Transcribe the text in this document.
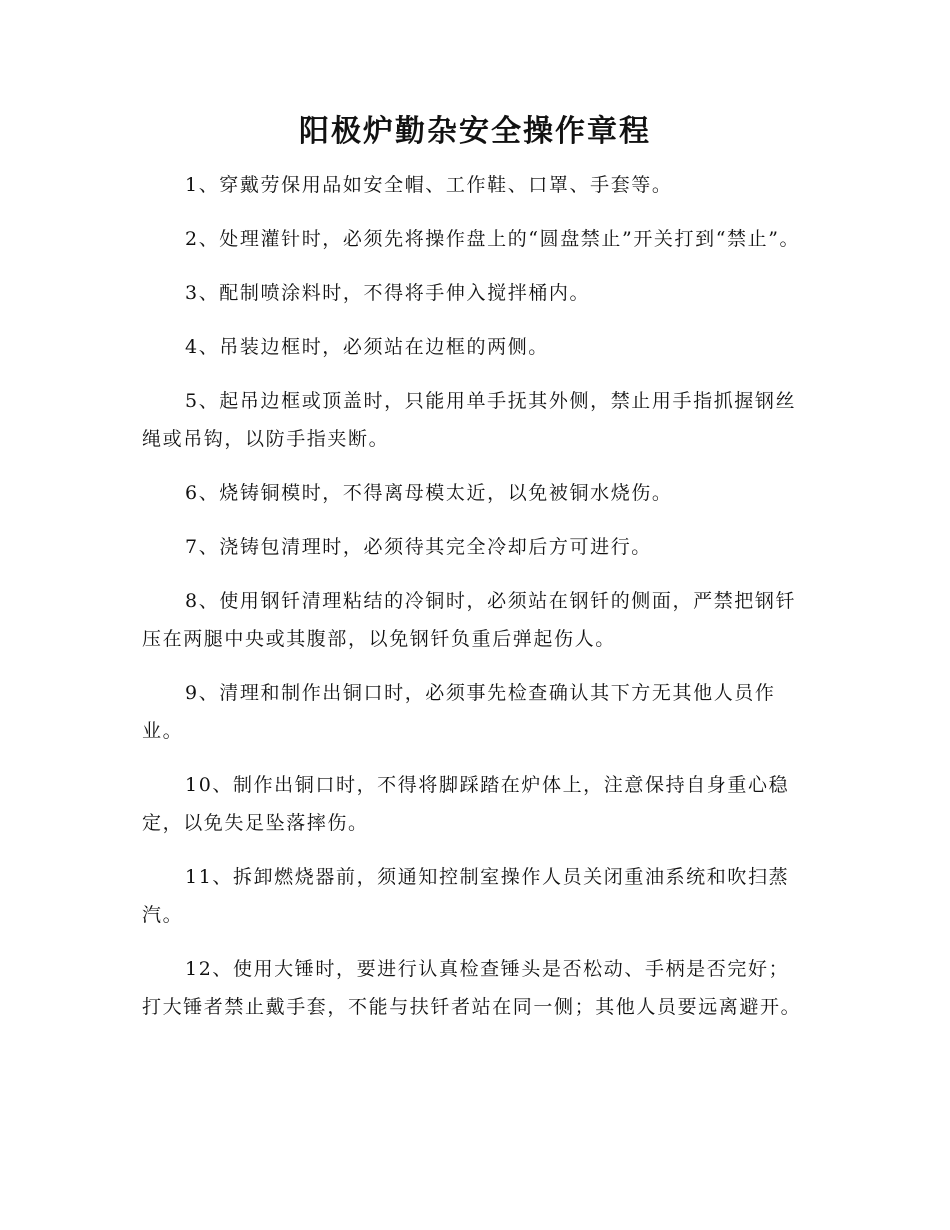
阳极炉勤杂安全操作章程

1、穿戴劳保用品如安全帽、工作鞋、口罩、手套等。

2、处理灌针时，必须先将操作盘上的“圆盘禁止”开关打到“禁止”。

3、配制喷涂料时，不得将手伸入搅拌桶内。

4、吊装边框时，必须站在边框的两侧。

5、起吊边框或顶盖时，只能用单手抚其外侧，禁止用手指抓握钢丝绳或吊钩，以防手指夹断。

6、烧铸铜模时，不得离母模太近，以免被铜水烧伤。

7、浇铸包清理时，必须待其完全冷却后方可进行。

8、使用钢钎清理粘结的冷铜时，必须站在钢钎的侧面，严禁把钢钎压在两腿中央或其腹部，以免钢钎负重后弹起伤人。

9、清理和制作出铜口时，必须事先检查确认其下方无其他人员作业。

10、制作出铜口时，不得将脚踩踏在炉体上，注意保持自身重心稳定，以免失足坠落摔伤。

11、拆卸燃烧器前，须通知控制室操作人员关闭重油系统和吹扫蒸汽。

12、使用大锤时，要进行认真检查锤头是否松动、手柄是否完好；打大锤者禁止戴手套，不能与扶钎者站在同一侧；其他人员要远离避开。
